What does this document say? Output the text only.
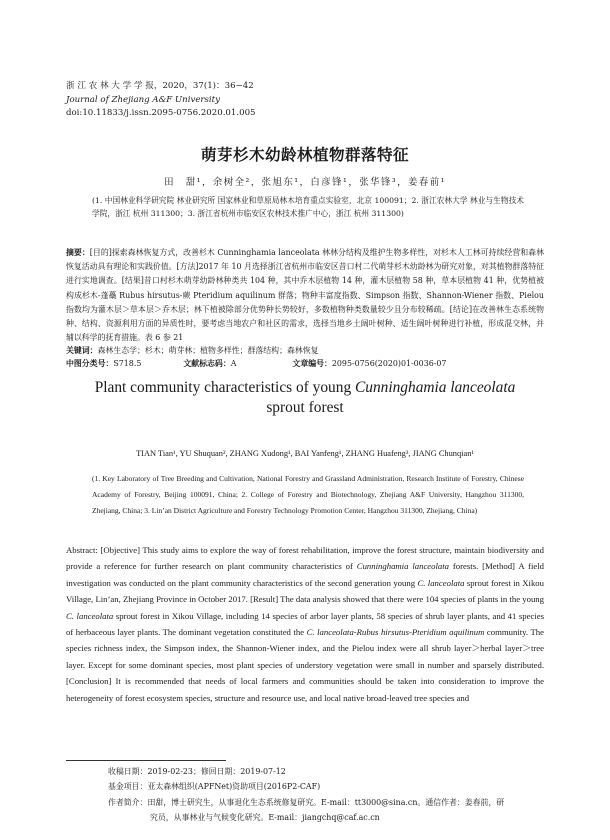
浙 江 农 林 大 学 学 报，2020，37(1)：36−42
Journal of Zhejiang A&F University
doi:10.11833/j.issn.2095-0756.2020.01.005
萌芽杉木幼龄林植物群落特征
田　甜¹，余树全²，张旭东¹，白彦锋¹，张华锋³，姜春前¹
(1. 中国林业科学研究院 林业研究所 国家林业和草原局林木培育重点实验室，北京 100091；2. 浙江农林大学 林业与生物技术学院，浙江 杭州 311300；3. 浙江省杭州市临安区农林技术推广中心，浙江 杭州 311300)
摘要：[目的]探索森林恢复方式，改善杉木 Cunninghamia lanceolata 林林分结构及维护生物多样性，对杉木人工林可持续经营和森林恢复活动具有理论和实践价值。[方法]2017 年 10 月选择浙江省杭州市临安区昔口村二代萌芽杉木幼龄林为研究对象，对其植物群落特征进行实地调查。[结果]昔口村杉木萌芽幼龄林种类共 104 种，其中乔木层植物 14 种，灌木层植物 58 种，草本层植物 41 种，优势植被构成杉木-蓬蘽 Rubus hirsutus-蕨 Pteridium aquilinum 群落；物种丰富度指数、Simpson 指数、Shannon-Wiener 指数、Pielou 指数均为灌木层＞草本层＞乔木层；林下植被除部分优势种长势较好，多数植物种类数量较少且分布较稀疏。[结论]在改善林生态系统物种、结构、资源利用方面的异质性时，要考虑当地农户和社区的需求，选择当地乡土阔叶树种、适生阔叶树种进行补植，形成混交林，并辅以科学的抚育措施。表 6 参 21
关键词：森林生态学；杉木；萌芽林；植物多样性；群落结构；森林恢复
中图分类号：S718.5	文献标志码：A	文章编号：2095-0756(2020)01-0036-07
Plant community characteristics of young Cunninghamia lanceolata
sprout forest
TIAN Tian¹, YU Shuquan², ZHANG Xudong¹, BAI Yanfeng¹, ZHANG Huafeng³, JIANG Chunqian¹
(1. Key Laboratory of Tree Breeding and Cultivation, National Forestry and Grassland Administration, Research Institute of Forestry, Chinese Academy of Forestry, Beijing 100091, China; 2. College of Forestry and Biotechnology, Zhejiang A&F University, Hangzhou 311300, Zhejiang, China; 3. Lin’an District Agriculture and Forestry Technology Promotion Center, Hangzhou 311300, Zhejiang, China)
Abstract: [Objective] This study aims to explore the way of forest rehabilitation, improve the forest structure, maintain biodiversity and provide a reference for further research on plant community characteristics of Cunninghamia lanceolata forests. [Method] A field investigation was conducted on the plant community characteristics of the second generation young C. lanceolata sprout forest in Xikou Village, Lin’an, Zhejiang Province in October 2017. [Result] The data analysis showed that there were 104 species of plants in the young C. lanceolata sprout forest in Xikou Village, including 14 species of arbor layer plants, 58 species of shrub layer plants, and 41 species of herbaceous layer plants. The dominant vegetation constituted the C. lanceolata-Rubus hirsutus-Pteridium aquilinum community. The species richness index, the Simpson index, the Shannon-Wiener index, and the Pielou index were all shrub layer＞herbal layer＞tree layer. Except for some dominant species, most plant species of understory vegetation were small in number and sparsely distributed. [Conclusion] It is recommended that needs of local farmers and communities should be taken into consideration to improve the heterogeneity of forest ecosystem species, structure and resource use, and local native broad-leaved tree species and
收稿日期：2019-02-23；修回日期：2019-07-12
基金项目：亚太森林组织(APFNet)资助项目(2016P2-CAF)
作者简介：田甜，博士研究生，从事退化生态系统修复研究。E-mail：tt3000@sina.cn。通信作者：姜春前，研
究员，从事林业与气候变化研究。E-mail：jiangchq@caf.ac.cn
